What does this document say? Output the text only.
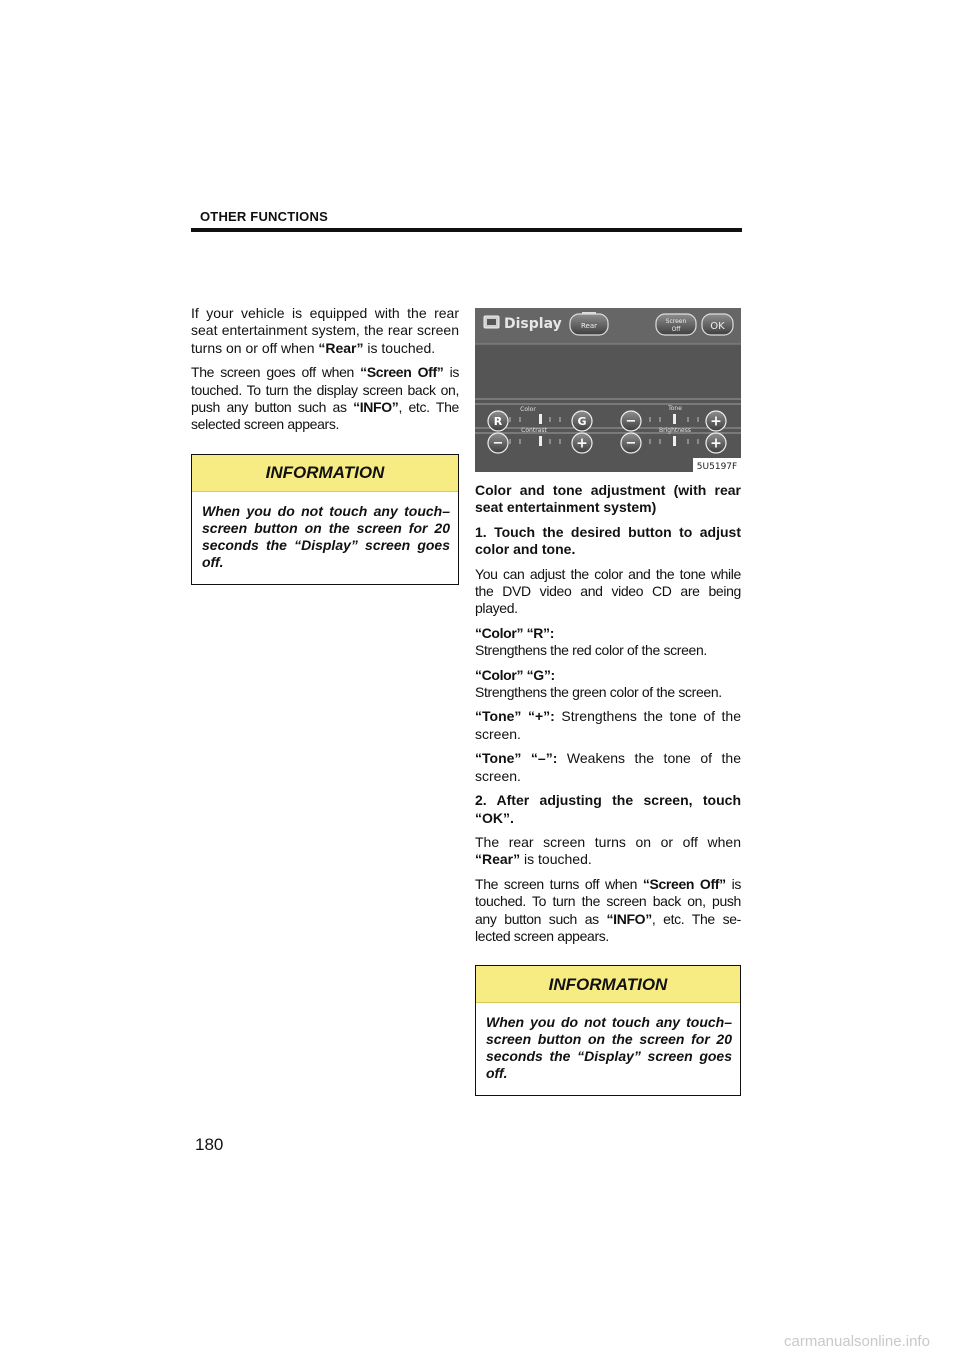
OTHER FUNCTIONS

If your vehicle is equipped with the rear seat entertainment system, the rear screen turns on or off when “Rear” is touched.

The screen goes off when “Screen Off” is touched. To turn the display screen back on, push any button such as “INFO”, etc. The selected screen appears.

INFORMATION
When you do not touch any touch–screen button on the screen for 20 seconds the “Display” screen goes off.
Display	Rear
Screen
Off	OK
Color	Tone
Contrast	Brightness
R	G	−	+
−	+	−	+
5U5197F
Color and tone adjustment (with rear seat entertainment system)
1. Touch the desired button to adjust color and tone.

You can adjust the color and the tone while the DVD video and video CD are being played.

“Color” “R”:
Strengthens the red color of the screen.

“Color” “G”:
Strengthens the green color of the screen.

“Tone” “+”: Strengthens the tone of the screen.

“Tone” “–”: Weakens the tone of the screen.

2. After adjusting the screen, touch “OK”.

The rear screen turns on or off when “Rear” is touched.

The screen turns off when “Screen Off” is touched. To turn the screen back on, push any button such as “INFO”, etc. The se-lected screen appears.

INFORMATION
When you do not touch any touch–screen button on the screen for 20 seconds the “Display” screen goes off.
180
carmanualsonline.info
